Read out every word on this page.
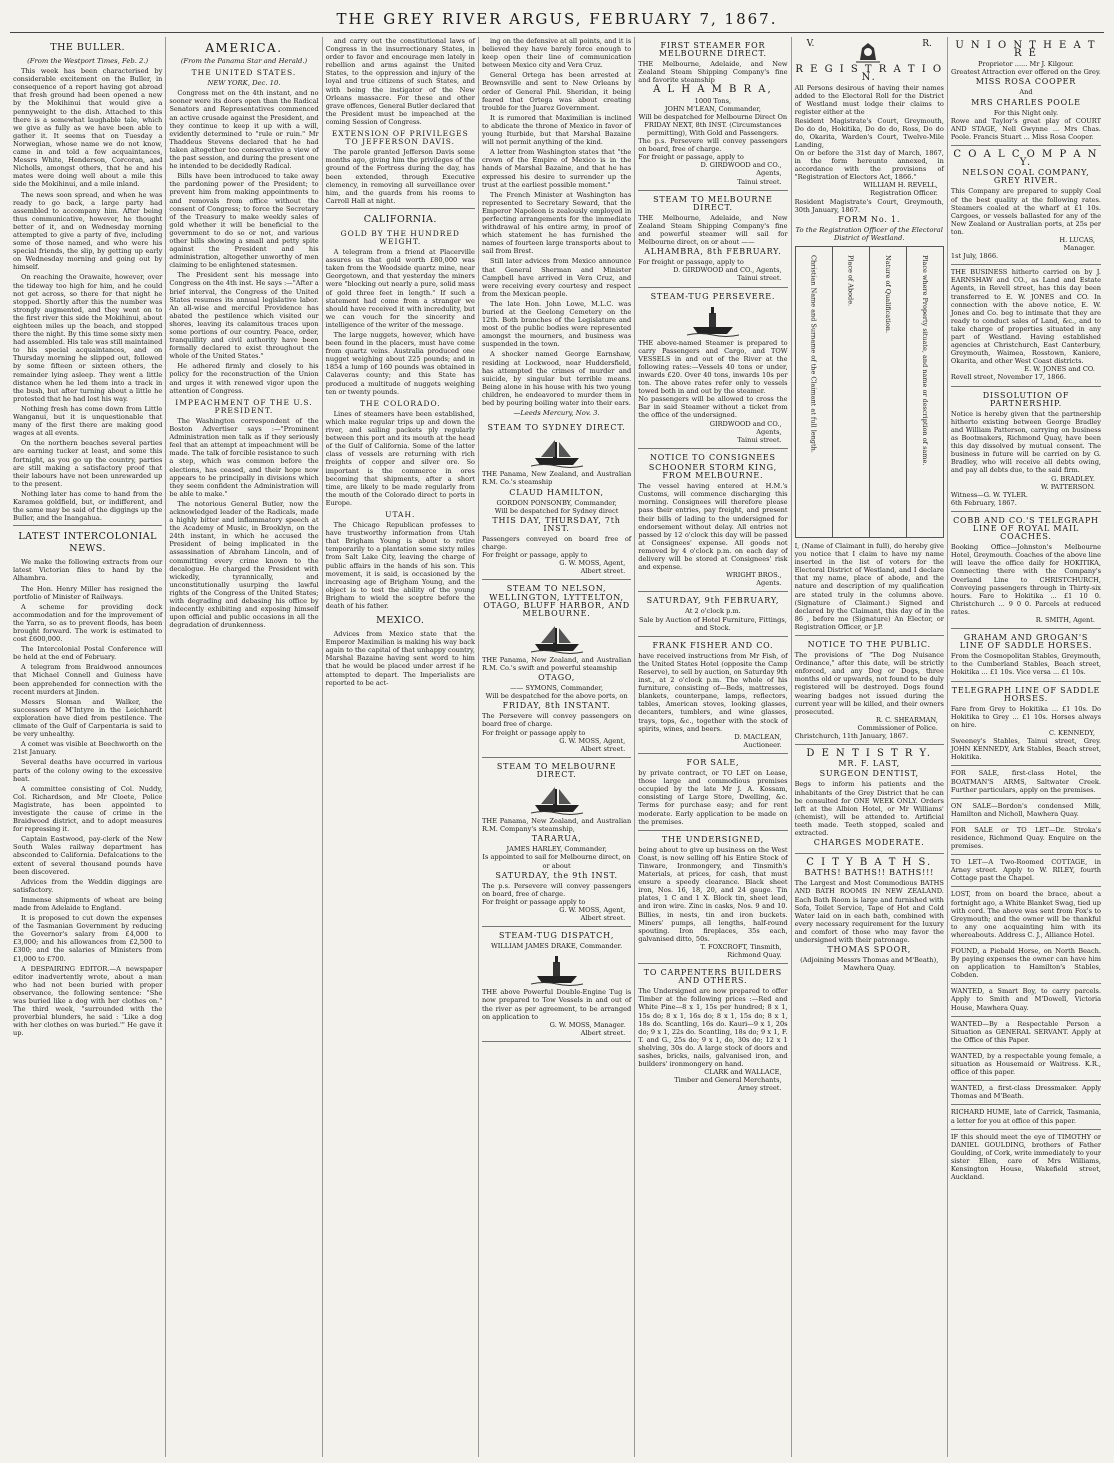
THE GREY RIVER ARGUS, FEBRUARY 7, 1867.
THE BULLER.
(From the Westport Times, Feb. 2.)

This week has been characterised by considerable excitement on the Buller, in consequence of a report having got abroad that fresh ground had been opened a new by the Mokihinui that would give a pennyweight to the dish. Attached to this there is a somewhat laughable tale, which we give as fully as we have been able to gather it. It seems that on Tuesday a Norwegian, whose name we do not know, came in and told a few acquaintances, Messrs White, Henderson, Corcoran, and Nicholls, amongst others, that he and his mates were doing well about a mile this side the Mokihinui, and a mile inland.

The news soon spread, and when he was ready to go back, a large party had assembled to accompany him. After being thus communicative, however, he thought better of it, and on Wednesday morning attempted to give a party of five, including some of those named, and who were his special friends, the slip, by getting up early on Wednesday morning and going out by himself.

On reaching the Orawaite, however, over the tideway too high for him, and he could not get across, so there for that night he stopped. Shortly after this the number was strongly augmented, and they went on to the first river this side the Mokihinui, about eighteen miles up the beach, and stopped there the night. By this time some sixty men had assembled. His tale was still maintained to his special acquaintances, and on Thursday morning he slipped out, followed by some fifteen or sixteen others, the remainder lying asleep. They went a little distance when he led them into a track in the bush, but after turning about a little he protested that he had lost his way.

Nothing fresh has come down from Little Wanganui, but it is unquestionable that many of the first there are making good wages at all events.

On the northern beaches several parties are earning tucker at least, and some this fortnight, as you go up the country, parties are still making a satisfactory proof that their labours have not been unrewarded up to the present.

Nothing later has come to hand from the Karamea goldfield, but, or indifferent, and the same may be said of the diggings up the Buller, and the Inangahua.

LATEST INTERCOLONIAL NEWS.

We make the following extracts from our latest Victorian files to hand by the Alhambra.

The Hon. Henry Miller has resigned the portfolio of Minister of Railways.

A scheme for providing dock accommodation and for the improvement of the Yarra, so as to prevent floods, has been brought forward. The work is estimated to cost £600,000.

The Intercolonial Postal Conference will be held at the end of February.

A telegram from Braidwood announces that Michael Connell and Guiness have been apprehended for connection with the recent murders at Jinden.

Messrs Sloman and Walker, the successors of M'Intyre in the Leichhardt exploration have died from pestilence. The climate of the Gulf of Carpentaria is said to be very unhealthy.

A comet was visible at Beechworth on the 21st January.

Several deaths have occurred in various parts of the colony owing to the excessive heat.

A committee consisting of Col. Nuddy, Col. Richardson, and Mr Cloete, Police Magistrate, has been appointed to investigate the cause of crime in the Braidwood district, and to adopt measures for repressing it.

Captain Eastwood, pay-clerk of the New South Wales railway department has absconded to California. Defalcations to the extent of several thousand pounds have been discovered.

Advices from the Weddin diggings are satisfactory.

Immense shipments of wheat are being made from Adelaide to England.

It is proposed to cut down the expenses of the Tasmanian Government by reducing the Governor's salary from £4,000 to £3,000; and his allowances from £2,500 to £300; and the salaries of Ministers from £1,000 to £700.

A DESPAIRING EDITOR.—A newspaper editor inadvertently wrote, about a man who had not been buried with proper observance, the following sentence: "She was buried like a dog with her clothes on." The third week, "surrounded with the proverbial blunders, he said : 'Like a dog with her clothes on was buried.'" He gave it up.

AMERICA.
(From the Panama Star and Herald.)
THE UNITED STATES.
NEW YORK, Dec. 10.

Congress met on the 4th instant, and no sooner were its doors open than the Radical Senators and Representatives commenced an active crusade against the President, and they continue to keep it up with a will, evidently determined to "rule or ruin." Mr Thaddeus Stevens declared that he had taken altogether too conservative a view of the past session, and during the present one he intended to be decidedly Radical.

Bills have been introduced to take away the pardoning power of the President; to prevent him from making appointments to and removals from office without the consent of Congress; to force the Secretary of the Treasury to make weekly sales of gold whether it will be beneficial to the government to do so or not, and various other bills showing a small and petty spite against the President and his administration, altogether unworthy of men claiming to be enlightened statesmen.

The President sent his message into Congress on the 4th inst. He says :—"After a brief interval, the Congress of the United States resumes its annual legislative labor. An all-wise and merciful Providence has abated the pestilence which visited our shores, leaving its calamitous traces upon some portions of our country. Peace, order, tranquillity and civil authority have been formally declared to exist throughout the whole of the United States."

He adhered firmly and closely to his policy for the reconstruction of the Union and urges it with renewed vigor upon the attention of Congress.

IMPEACHMENT OF THE U.S. PRESIDENT.

The Washington correspondent of the Boston Advertiser says :—"Prominent Administration men talk as if they seriously feel that an attempt at impeachment will be made. The talk of forcible resistance to such a step, which was common before the elections, has ceased, and their hope now appears to be principally in divisions which they seem confident the Administration will be able to make."

The notorious General Butler, now the acknowledged leader of the Radicals, made a highly bitter and inflammatory speech at the Academy of Music, in Brooklyn, on the 24th instant, in which he accused the President of being implicated in the assassination of Abraham Lincoln, and of committing every crime known to the decalogue. He charged the President with wickedly, tyrannically, and unconstitutionally usurping the lawful rights of the Congress of the United States; with degrading and debasing his office by indecently exhibiting and exposing himself upon official and public occasions in all the degradation of drunkenness.

and carry out the constitutional laws of Congress in the insurrectionary States, in order to favor and encourage men lately in rebellion and arms against the United States, to the oppression and injury of the loyal and true citizens of such States, and with being the instigator of the New Orleans massacre. For these and other grave offences, General Butler declared that the President must be impeached at the coming Session of Congress.

EXTENSION OF PRIVILEGES TO JEFFERSON DAVIS.

The parole granted Jefferson Davis some months ago, giving him the privileges of the ground of the Fortress during the day, has been extended, through Executive clemency, in removing all surveillance over him, and the guards from his rooms to Carroll Hall at night.

CALIFORNIA.
GOLD BY THE HUNDRED WEIGHT.

A telegram from a friend at Placerville assures us that gold worth £80,000 was taken from the Woodside quartz mine, near Georgetown, and that yesterday the miners were "blocking out nearly a pure, solid mass of gold three feet in length." If such a statement had come from a stranger we should have received it with incredulity, but we can vouch for the sincerity and intelligence of the writer of the message.

The large nuggets, however, which have been found in the placers, must have come from quartz veins. Australia produced one nugget weighing about 225 pounds; and in 1854 a lump of 160 pounds was obtained in Calaveras county; and this State has produced a multitude of nuggets weighing ten or twenty pounds.

THE COLORADO.

Lines of steamers have been established, which make regular trips up and down the river, and sailing packets ply regularly between this port and its mouth at the head of the Gulf of California. Some of the latter class of vessels are returning with rich freights of copper and silver ore. So important is the commerce in ores becoming that shipments, after a short time, are likely to be made regularly from the mouth of the Colorado direct to ports in Europe.

UTAH.

The Chicago Republican professes to have trustworthy information from Utah that Brigham Young is about to retire temporarily to a plantation some sixty miles from Salt Lake City, leaving the charge of public affairs in the hands of his son. This movement, it is said, is occasioned by the increasing age of Brigham Young, and the object is to test the ability of the young Brigham to wield the sceptre before the death of his father.

MEXICO.

Advices from Mexico state that the Emperor Maximilian is making his way back again to the capital of that unhappy country, Marshal Bazaine having sent word to him that he would be placed under arrest if he attempted to depart. The Imperialists are reported to be act-

ing on the defensive at all points, and it is believed they have barely force enough to keep open their line of communication between Mexico city and Vera Cruz.

General Ortega has been arrested at Brownsville and sent to New Orleans by order of General Phil. Sheridan, it being feared that Ortega was about creating trouble for the Juarez Government.

It is rumored that Maximilian is inclined to abdicate the throne of Mexico in favor of young Iturbide, but that Marshal Bazaine will not permit anything of the kind.

A letter from Washington states that "the crown of the Empire of Mexico is in the hands of Marshal Bazaine, and that he has expressed his desire to surrender up the trust at the earliest possible moment."

The French Minister at Washington has represented to Secretary Seward, that the Emperor Napoleon is zealously employed in perfecting arrangements for the immediate withdrawal of his entire army, in proof of which statement he has furnished the names of fourteen large transports about to sail from Brest.

Still later advices from Mexico announce that General Sherman and Minister Campbell have arrived in Vera Cruz, and were receiving every courtesy and respect from the Mexican people.

The late Hon. John Lowe, M.L.C. was buried at the Geelong Cemetery on the 12th. Both branches of the Legislature and most of the public bodies were represented amongst the mourners, and business was suspended in the town.

A shocker named George Earnshaw, residing at Lockwood, near Huddersfield, has attempted the crimes of murder and suicide, by singular but terrible means. Being alone in his house with his two young children, he endeavored to murder them in bed by pouring boiling water into their ears.

—Leeds Mercury, Nov. 3.
STEAM TO SYDNEY DIRECT.
THE Panama, New Zealand, and Australian R.M. Co.'s steamship
CLAUD HAMILTON,
GORDON PONSONBY, Commander,
Will be despatched for Sydney direct
THIS DAY, THURSDAY, 7th INST.
Passengers conveyed on board free of charge.
For freight or passage, apply to
G. W. MOSS, Agent,
Albert street.
STEAM TO NELSON, WELLINGTON, LYTTELTON, OTAGO, BLUFF HARBOR, AND MELBOURNE.
THE Panama, New Zealand, and Australian R.M. Co.'s swift and powerful steamship
OTAGO,
—— SYMONS, Commander,
Will be despatched for the above ports, on
FRIDAY, 8th INSTANT.
The Persevere will convey passengers on board free of charge.
For freight or passage apply to
G. W. MOSS, Agent,
Albert street.
STEAM TO MELBOURNE DIRECT.
THE Panama, New Zealand, and Australian R.M. Company's steamship,
TARARUA,
JAMES HARLEY, Commander,
Is appointed to sail for Melbourne direct, on or about
SATURDAY, the 9th INST.
The p.s. Persevere will convey passengers on board, free of charge.
For freight or passage apply to
G. W. MOSS, Agent,
Albert street.
STEAM-TUG DISPATCH,
WILLIAM JAMES DRAKE, Commander.
THE above Powerful Double-Engine Tug is now prepared to Tow Vessels in and out of the river as per agreement, to be arranged on application to
G. W. MOSS, Manager.
Albert street.
FIRST STEAMER FOR MELBOURNE DIRECT.
THE Melbourne, Adelaide, and New Zealand Steam Shipping Company's fine and favorite steamship
A L H A M B R A,
1000 Tons,
JOHN M'LEAN, Commander,
Will be despatched for Melbourne Direct On FRIDAY NEXT, 8th INST. (Circumstances permitting), With Gold and Passengers.
The p.s. Persevere will convey passengers on board, free of charge.
For freight or passage, apply to
D. GIRDWOOD and CO.,
Agents,
Tainui street.
STEAM TO MELBOURNE DIRECT.
THE Melbourne, Adelaide, and New Zealand Steam Shipping Company's fine and powerful steamer will sail for Melbourne direct, on or about ——
ALHAMBRA, 8th FEBRUARY.
For freight or passage, apply to
D. GIRDWOOD and CO., Agents,
Tainui street.
STEAM-TUG PERSEVERE.
THE above-named Steamer is prepared to carry Passengers and Cargo, and TOW VESSELS in and out of the River at the following rates:—Vessels 40 tons or under, inwards £20. Over 40 tons, inwards 10s per ton. The above rates refer only to vessels towed both in and out by the steamer.
No passengers will be allowed to cross the Bar in said Steamer without a ticket from the office of the undersigned.
GIRDWOOD and CO.,
Agents,
Tainui street.
NOTICE TO CONSIGNEES
SCHOONER STORM KING, FROM MELBOURNE.
The vessel having entered at H.M.'s Customs, will commence discharging this morning. Consignees will therefore please pass their entries, pay freight, and present their bills of lading to the undersigned for endorsement without delay. All entries not passed by 12 o'clock this day will be passed at Consignees' expense. All goods not removed by 4 o'clock p.m. on each day of delivery will be stored at Consignees' risk and expense.
WRIGHT BROS.,
Agents.
SATURDAY, 9th FEBRUARY,
At 2 o'clock p.m.
Sale by Auction of Hotel Furniture, Fittings, and Stock.
FRANK FISHER AND CO.
have received instructions from Mr Fish, of the United States Hotel (opposite the Camp Reserve), to sell by auction, on Saturday 9th inst., at 2 o'clock p.m. The whole of his furniture, consisting of—Beds, mattresses, blankets, counterpane, lamps, reflectors, tables, American stoves, looking glasses, decanters, tumblers, and wine glasses, trays, tops, &c., together with the stock of spirits, wines, and beers.
D. MACLEAN,
Auctioneer.
FOR SALE,
by private contract, or TO LET on Lease, those large and commodious premises occupied by the late Mr J. A. Kossam, consisting of Large Store, Dwelling, &c. Terms for purchase easy; and for rent moderate. Early application to be made on the premises.
THE UNDERSIGNED,
being about to give up business on the West Coast, is now selling off his Entire Stock of Tinware, Ironmongery, and Tinsmith's Materials, at prices, for cash, that must ensure a speedy clearance. Black sheet iron, Nos. 16, 18, 20, and 24 gauge. Tin plates, 1 C and 1 X. Block tin, sheet lead, and iron wire. Zinc in casks, Nos. 9 and 10. Billies, in nests, tin and iron buckets. Miners' pumps, all lengths, half-round spouting. Iron fireplaces, 35s each, galvanised ditto, 50s.
T. FOXCROFT, Tinsmith,
Richmond Quay.
TO CARPENTERS BUILDERS AND OTHERS.
The Undersigned are now prepared to offer Timber at the following prices :—Red and White Pine—8 x 1, 15s per hundred; 8 x 1, 15s do; 8 x 1, 16s do; 8 x 1, 15s do; 8 x 1, 18s do. Scantling, 16s do. Kauri—9 x 1, 20s do; 9 x 1, 22s do. Scantling, 18s do; 9 x 1, F. T. and G., 25s do; 9 x 1, do, 30s do; 12 x 1 shelving, 30s do. A large stock of doors and sashes, bricks, nails, galvanised iron, and builders' ironmongery on hand.
CLARK and WALLACE,
Timber and General Merchants,
Arney street.
V.	R.
R E G I S T R A T I O N.
All Persons desirous of having their names added to the Electoral Roll for the District of Westland must lodge their claims to register either at the
Resident Magistrate's Court, Greymouth, Do do do, Hokitika, Do do do, Ross, Do do do, Okarita, Warden's Court, Twelve-Mile Landing,
On or before the 31st day of March, 1867, in the form hereunto annexed, in accordance with the provisions of "Registration of Electors Act, 1866."
WILLIAM H. REVELL,
Registration Officer.
Resident Magistrate's Court, Greymouth, 30th January, 1867.
FORM No. 1.
To the Registration Officer of the Electoral District of Westland.
Christian Name and Surname of the Claimant at full length.	Place of Abode.	Nature of Qualification.	Place where Property situate, and name or description of same.
I, (Name of Claimant in full), do hereby give you notice that I claim to have my name inserted in the list of voters for the Electoral District of Westland, and I declare that my name, place of abode, and the nature and description of my qualification are stated truly in the columns above. (Signature of Claimant.) Signed and declared by the Claimant, this day of in the 86 , before me (Signature) An Elector, or Registration Officer, or J.P.
NOTICE TO THE PUBLIC.
The provisions of "The Dog Nuisance Ordinance," after this date, will be strictly enforced, and any Dog or Dogs, three months old or upwards, not found to be duly registered will be destroyed. Dogs found wearing badges not issued during the current year will be killed, and their owners prosecuted.
R. C. SHEARMAN,
Commissioner of Police.
Christchurch, 11th January, 1867.
D E N T I S T R Y.
MR. F. LAST,
SURGEON DENTIST,
Begs to inform his patients and the inhabitants of the Grey District that he can be consulted for ONE WEEK ONLY. Orders left at the Albion Hotel, or Mr Williams' (chemist), will be attended to. Artificial teeth made. Teeth stopped, scaled and extracted.
CHARGES MODERATE.
C I T Y B A T H S.
BATHS! BATHS!! BATHS!!!
The Largest and Most Commodious BATHS AND BATH ROOMS IN NEW ZEALAND. Each Bath Room is large and furnished with Sofa, Toilet Service, Tape of Hot and Cold Water laid on in each bath, combined with every necessary requirement for the luxury and comfort of those who may favor the undersigned with their patronage.
THOMAS SPOOR,
(Adjoining Messrs Thomas and M'Beath), Mawhera Quay.
U N I O N T H E A T R E
Proprietor ...... Mr J. Kilgour.
Greatest Attraction ever offered on the Grey.
MISS ROSA COOPER
And
MRS CHARLES POOLE
For this Night only.
Rowe and Taylor's great play of COURT AND STAGE, Nell Gwynne ... Mrs Chas. Poole. Francis Stuart ... Miss Rosa Cooper.
C O A L C O M P A N Y.
NELSON COAL COMPANY, GREY RIVER.
This Company are prepared to supply Coal of the best quality at the following rates. Steamers coaled at the wharf at £1 10s. Cargoes, or vessels ballasted for any of the New Zealand or Australian ports, at 25s per ton.
H. LUCAS,
Manager.
1st July, 1866.
THE BUSINESS hitherto carried on by J. EARNSHAW and CO., as Land and Estate Agents, in Revell street, has this day been transferred to E. W. JONES and CO. In connection with the above notice, E. W. Jones and Co. beg to intimate that they are ready to conduct sales of Land, &c., and to take charge of properties situated in any part of Westland. Having established agencies at Christchurch, East Canterbury, Greymouth, Waimea, Rosstown, Kaniere, Okarita, and other West Coast districts.
E. W. JONES and CO.
Revell street, November 17, 1866.
DISSOLUTION OF PARTNERSHIP.
Notice is hereby given that the partnership hitherto existing between George Bradley and William Patterson, carrying on business as Bootmakers, Richmond Quay, have been this day dissolved by mutual consent. The business in future will be carried on by G. Bradley, who will receive all debts owing, and pay all debts due, to the said firm.
G. BRADLEY.
W. PATTERSON.
Witness—G. W. TYLER.
6th February, 1867.
COBB AND CO.'S TELEGRAPH LINE OF ROYAL MAIL COACHES.
Booking Office—Johnston's Melbourne Hotel, Greymouth. Coaches of the above line will leave the office daily for HOKITIKA, Connecting there with the Company's Overland Line to CHRISTCHURCH, Conveying passengers through in Thirty-six hours. Fare to Hokitika ... £1 10 0. Christchurch ... 9 0 0. Parcels at reduced rates.
R. SMITH, Agent.
GRAHAM AND GROGAN'S LINE OF SADDLE HORSES.
From the Cosmopolitan Stables, Greymouth, to the Cumberland Stables, Beach street, Hokitika ... £1 10s. Vice versa ... £1 10s.
TELEGRAPH LINE OF SADDLE HORSES.
Fare from Grey to Hokitika ... £1 10s. Do Hokitika to Grey ... £1 10s. Horses always on hire.
C. KENNEDY,
Sweeney's Stables, Tainui street, Grey. JOHN KENNEDY, Ark Stables, Beach street, Hokitika.
FOR SALE, first-class Hotel, the BOATMAN'S ARMS, Saltwater Creek. Further particulars, apply on the premises.
ON SALE—Bordon's condensed Milk, Hamilton and Nicholl, Mawhera Quay.
FOR SALE or TO LET—Dr. Stroka's residence, Richmond Quay. Enquire on the premises.
TO LET—A Two-Roomed COTTAGE, in Arney street. Apply to W. RILEY, fourth Cottage past the Chapel.
LOST, from on board the brace, about a fortnight ago, a White Blanket Swag, tied up with cord. The above was sent from Fox's to Greymouth; and the owner will be thankful to any one acquainting him with its whereabouts. Address C. J., Alliance Hotel.
FOUND, a Piebald Horse, on North Beach. By paying expenses the owner can have him on application to Hamilton's Stables, Cobden.
WANTED, a Smart Boy, to carry parcels. Apply to Smith and M'Dowell, Victoria House, Mawhera Quay.
WANTED—By a Respectable Person a Situation as GENERAL SERVANT. Apply at the Office of this Paper.
WANTED, by a respectable young female, a situation as Housemaid or Waitress. K.R., office of this paper.
WANTED, a first-class Dressmaker. Apply Thomas and M'Beath.
RICHARD HUME, late of Carrick, Tasmania, a letter for you at office of this paper.
IF this should meet the eye of TIMOTHY or DANIEL GOULDING, brothers of Father Goulding, of Cork, write immediately to your sister Ellen, care of Mrs Williams, Kensington House, Wakefield street, Auckland.
